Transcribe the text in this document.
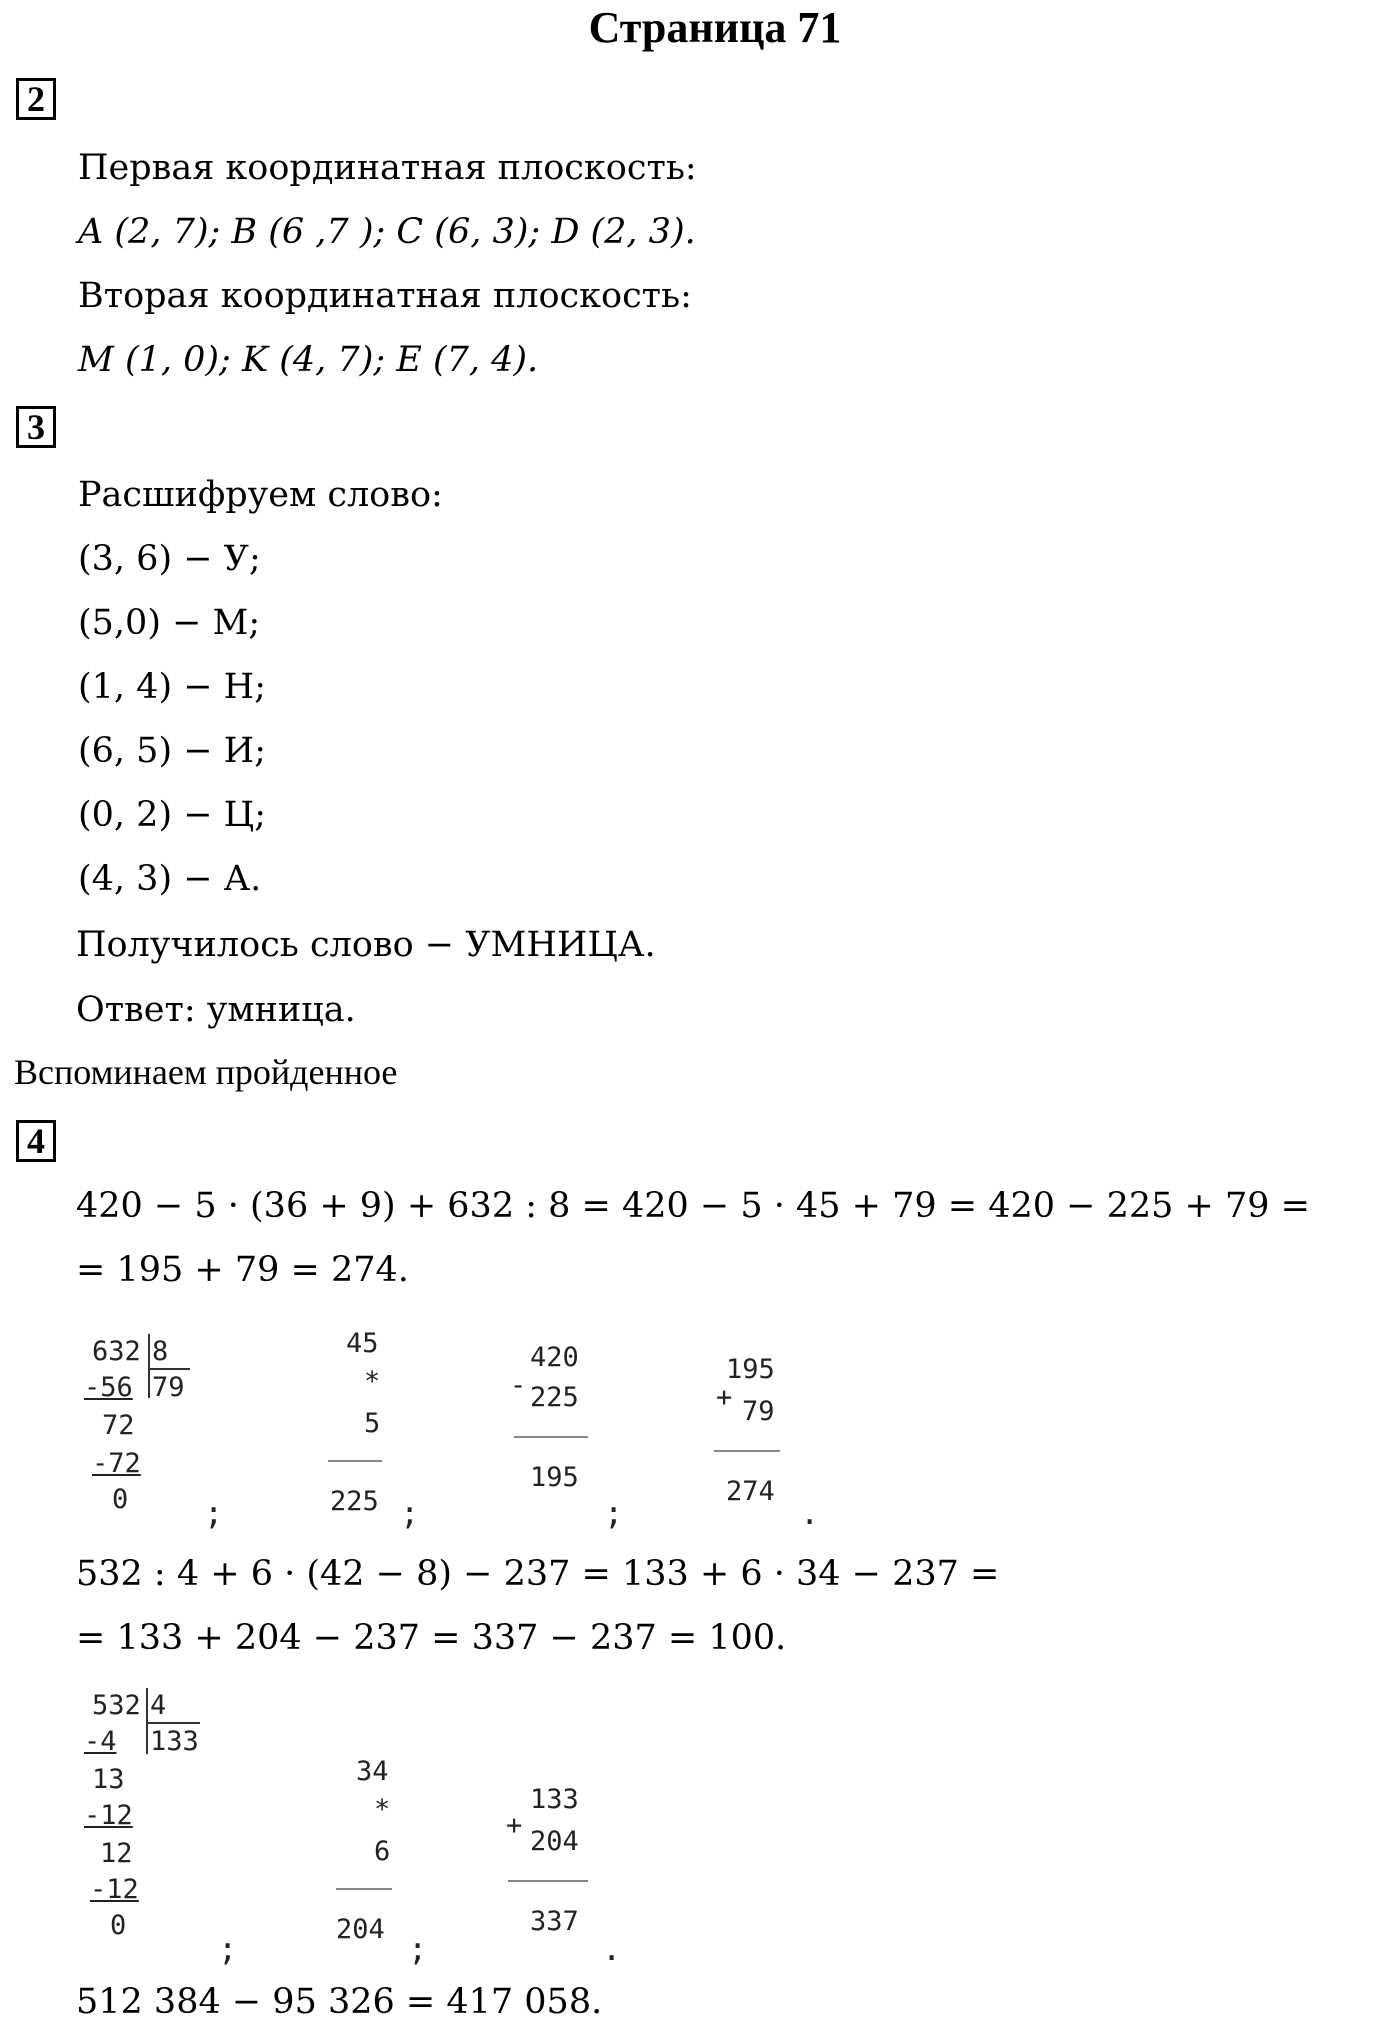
Страница 71
2
Первая координатная плоскость:
A (2, 7); B (6 ,7 ); C (6, 3); D (2, 3).
Вторая координатная плоскость:
M (1, 0); K (4, 7); E (7, 4).
3
Расшифруем слово:
(3, 6) − У;
(5,0) − М;
(1, 4) − Н;
(6, 5) − И;
(0, 2) − Ц;
(4, 3) − А.
Получилось слово − УМНИЦА.
Ответ: умница.
Вспоминаем пройденное
4
420 − 5 · (36 + 9) + 632 : 8 = 420 − 5 · 45 + 79 = 420 − 225 + 79 =
= 195 + 79 = 274.
632 8
79
-56
72
-72
0 ;
45
*
5
225 ;
-
420
225
195
;
+
195
79
274
.
532 : 4 + 6 · (42 − 8) − 237 = 133 + 6 · 34 − 237 =
= 133 + 204 − 237 = 337 − 237 = 100.
532 4
133
-4
13
-12
12
-12
0
;
34
*
6
204
;
+
133
204
337
.
512 384 − 95 326 = 417 058.
